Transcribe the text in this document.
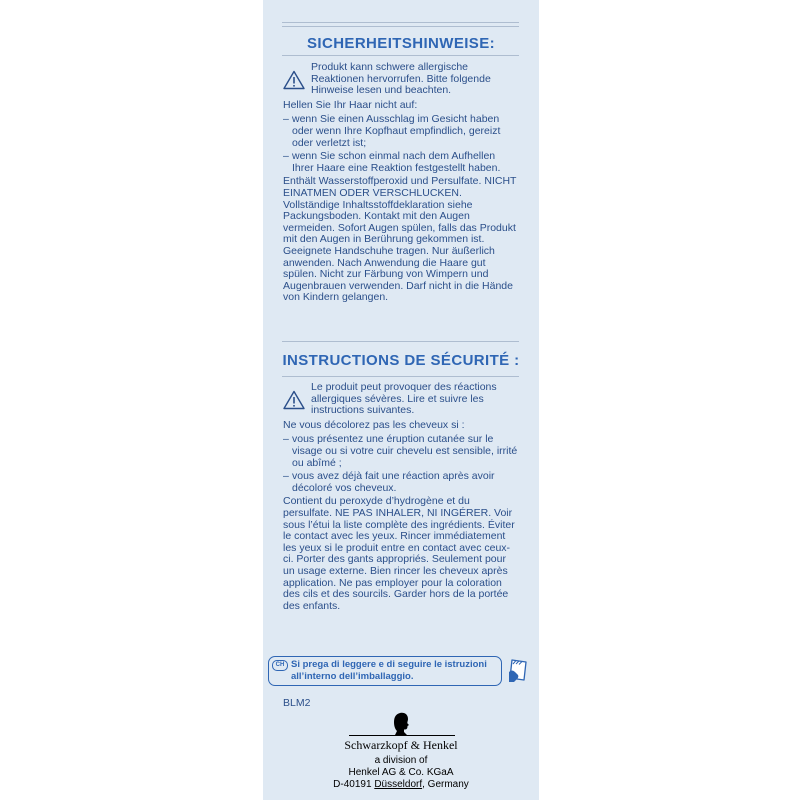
SICHERHEITSHINWEISE:
Produkt kann schwere allergische Reaktionen hervorrufen. Bitte folgende Hinweise lesen und beachten.
Hellen Sie Ihr Haar nicht auf:
– wenn Sie einen Ausschlag im Gesicht haben oder wenn Ihre Kopfhaut empfindlich, gereizt oder verletzt ist;
– wenn Sie schon einmal nach dem Aufhellen Ihrer Haare eine Reaktion festgestellt haben.
Enthält Wasserstoffperoxid und Persulfate. NICHT EINATMEN ODER VERSCHLUCKEN. Vollständige Inhaltsstoffdeklaration siehe Packungsboden. Kontakt mit den Augen vermeiden. Sofort Augen spülen, falls das Produkt mit den Augen in Berührung gekommen ist. Geeignete Handschuhe tragen. Nur äußerlich anwenden. Nach Anwendung die Haare gut spülen. Nicht zur Färbung von Wimpern und Augenbrauen verwenden. Darf nicht in die Hände von Kindern gelangen.
INSTRUCTIONS DE SÉCURITÉ :
Le produit peut provoquer des réactions allergiques sévères. Lire et suivre les instructions suivantes.
Ne vous décolorez pas les cheveux si :
– vous présentez une éruption cutanée sur le visage ou si votre cuir chevelu est sensible, irrité ou abîmé ;
– vous avez déjà fait une réaction après avoir décoloré vos cheveux.
Contient du peroxyde d’hydrogène et du persulfate. NE PAS INHALER, NI INGÉRER. Voir sous l’étui la liste complète des ingrédients. Éviter le contact avec les yeux. Rincer immédiatement les yeux si le produit entre en contact avec ceux-ci. Porter des gants appropriés. Seulement pour un usage externe. Bien rincer les cheveux après application. Ne pas employer pour la coloration des cils et des sourcils. Garder hors de la portée des enfants.
CH Si prega di leggere e di seguire le istruzioni all’interno dell’imballaggio.
BLM2
Schwarzkopf & Henkel
a division of
Henkel AG & Co. KGaA
D-40191 Düsseldorf, Germany
